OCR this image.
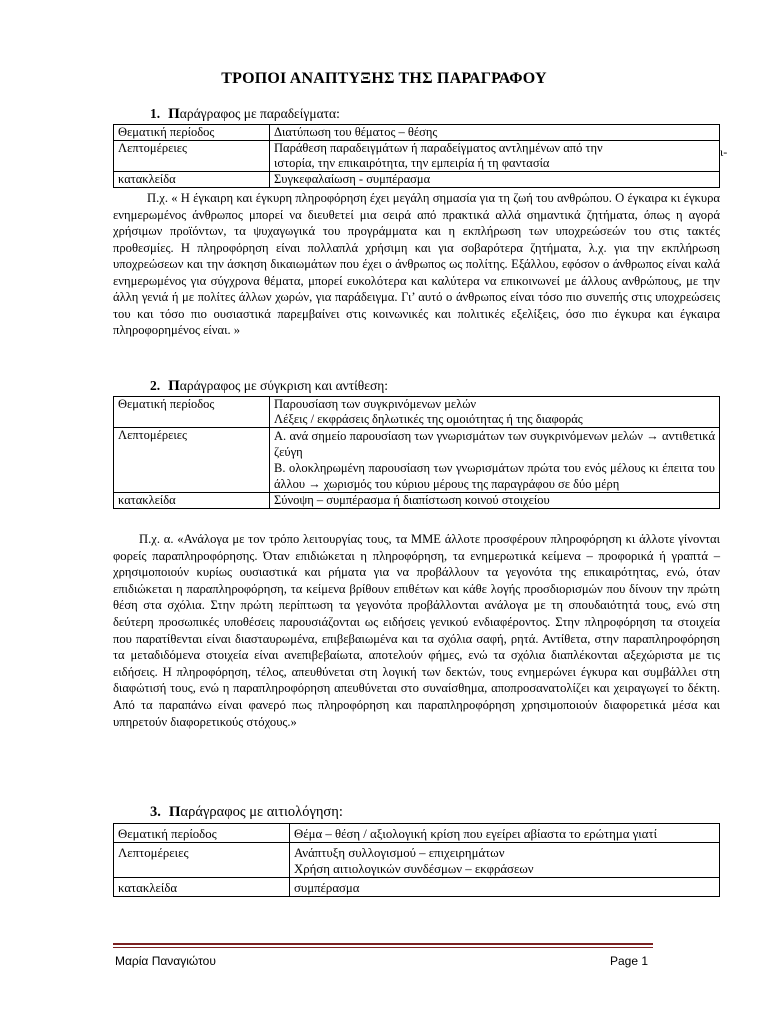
ΤΡΟΠΟΙ ΑΝΑΠΤΥΞΗΣ ΤΗΣ ΠΑΡΑΓΡΑΦΟΥ
1. Παράγραφος με παραδείγματα:
Θεματική περίοδος	Διατύπωση του θέματος – θέσης

Λεπτομέρειες	Παράθεση παραδειγμάτων ή παραδείγματος αντλημένων από την
ιστορία, την επικαιρότητα, την εμπειρία ή τη φαντασία

κατακλείδα	Συγκεφαλαίωση - συμπέρασμα
ι-
Π.χ. « Η έγκαιρη και έγκυρη πληροφόρηση έχει μεγάλη σημασία για τη ζωή του ανθρώπου. Ο έγκαιρα κι έγκυρα ενημερωμένος άνθρωπος μπορεί να διευθετεί μια σειρά από πρακτικά αλλά σημαντικά ζητήματα, όπως η αγορά χρήσιμων προϊόντων, τα ψυχαγωγικά του προγράμματα και η εκπλήρωση των υποχρεώσεών του στις τακτές προθεσμίες. Η πληροφόρηση είναι πολλαπλά χρήσιμη και για σοβαρότερα ζητήματα, λ.χ. για την εκπλήρωση υποχρεώσεων και την άσκηση δικαιωμάτων που έχει ο άνθρωπος ως πολίτης. Εξάλλου, εφόσον ο άνθρωπος είναι καλά ενημερωμένος για σύγχρονα θέματα, μπορεί ευκολότερα και καλύτερα να επικοινωνεί με άλλους ανθρώπους, με την άλλη γενιά ή με πολίτες άλλων χωρών, για παράδειγμα. Γι’ αυτό ο άνθρωπος είναι τόσο πιο συνεπής στις υποχρεώσεις του και τόσο πιο ουσιαστικά παρεμβαίνει στις κοινωνικές και πολιτικές εξελίξεις, όσο πιο έγκυρα και έγκαιρα πληροφορημένος είναι. »
2. Παράγραφος με σύγκριση και αντίθεση:
Θεματική περίοδος	Παρουσίαση των συγκρινόμενων μελών
Λέξεις / εκφράσεις δηλωτικές της ομοιότητας ή της διαφοράς

Λεπτομέρειες	Α. ανά σημείο παρουσίαση των γνωρισμάτων των συγκρινόμενων μελών → αντιθετικά ζεύγη
Β. ολοκληρωμένη παρουσίαση των γνωρισμάτων πρώτα του ενός μέλους κι έπειτα του άλλου → χωρισμός του κύριου μέρους της παραγράφου σε δύο μέρη

κατακλείδα	Σύνοψη – συμπέρασμα ή διαπίστωση κοινού στοιχείου
Π.χ. α. «Ανάλογα με τον τρόπο λειτουργίας τους, τα ΜΜΕ άλλοτε προσφέρουν πληροφόρηση κι άλλοτε γίνονται φορείς παραπληροφόρησης. Όταν επιδιώκεται η πληροφόρηση, τα ενημερωτικά κείμενα – προφορικά ή γραπτά – χρησιμοποιούν κυρίως ουσιαστικά και ρήματα για να προβάλλουν τα γεγονότα της επικαιρότητας, ενώ, όταν επιδιώκεται η παραπληροφόρηση, τα κείμενα βρίθουν επιθέτων και κάθε λογής προσδιορισμών που δίνουν την πρώτη θέση στα σχόλια. Στην πρώτη περίπτωση τα γεγονότα προβάλλονται ανάλογα με τη σπουδαιότητά τους, ενώ στη δεύτερη προσωπικές υποθέσεις παρουσιάζονται ως ειδήσεις γενικού ενδιαφέροντος. Στην πληροφόρηση τα στοιχεία που παρατίθενται είναι διασταυρωμένα, επιβεβαιωμένα και τα σχόλια σαφή, ρητά. Αντίθετα, στην παραπληροφόρηση τα μεταδιδόμενα στοιχεία είναι ανεπιβεβαίωτα, αποτελούν φήμες, ενώ τα σχόλια διαπλέκονται αξεχώριστα με τις ειδήσεις. Η πληροφόρηση, τέλος, απευθύνεται στη λογική των δεκτών, τους ενημερώνει έγκυρα και συμβάλλει στη διαφώτισή τους, ενώ η παραπληροφόρηση απευθύνεται στο συναίσθημα, αποπροσανατολίζει και χειραγωγεί το δέκτη. Από τα παραπάνω είναι φανερό πως πληροφόρηση και παραπληροφόρηση χρησιμοποιούν διαφορετικά μέσα και υπηρετούν διαφορετικούς στόχους.»
3. Παράγραφος με αιτιολόγηση:
Θεματική περίοδος	Θέμα – θέση / αξιολογική κρίση που εγείρει αβίαστα το ερώτημα γιατί

Λεπτομέρειες	Ανάπτυξη συλλογισμού – επιχειρημάτων
Χρήση αιτιολογικών συνδέσμων – εκφράσεων

κατακλείδα	συμπέρασμα
Μαρία Παναγιώτου	Page 1
